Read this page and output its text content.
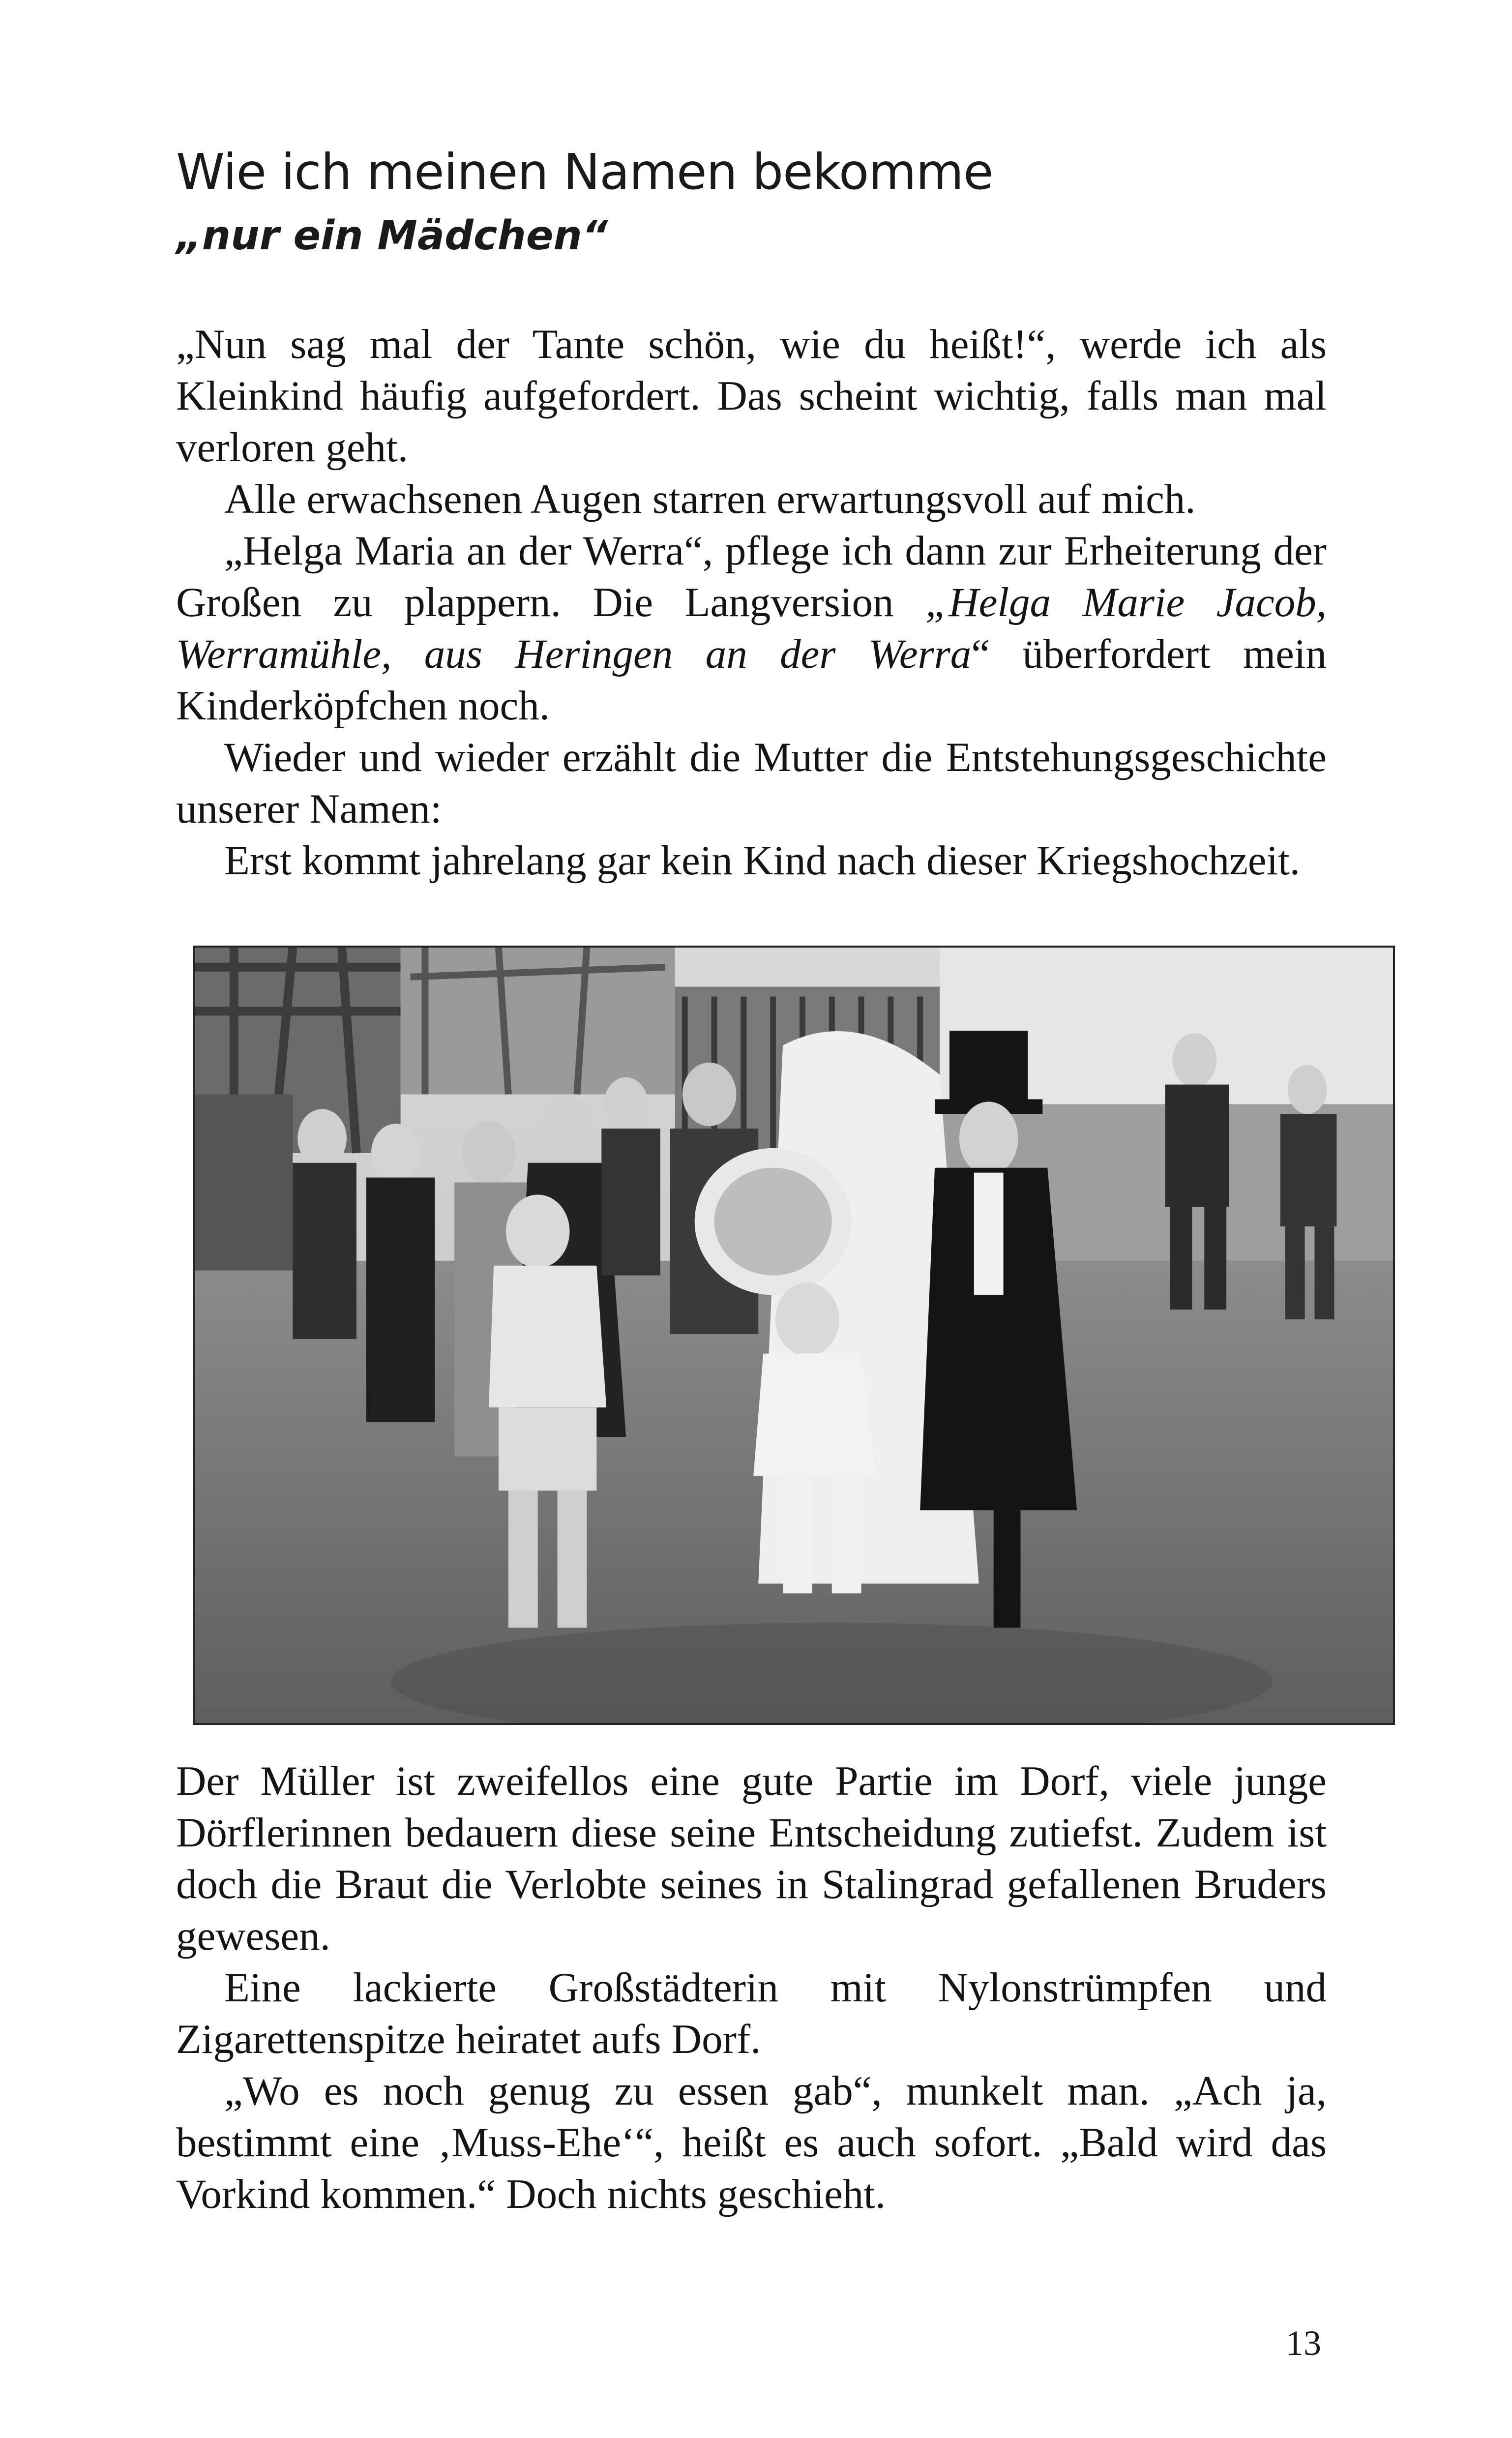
Wie ich meinen Namen bekomme
„nur ein Mädchen“

„Nun sag mal der Tante schön, wie du heißt!“, werde ich als Kleinkind häufig aufgefordert. Das scheint wichtig, falls man mal verloren geht.

Alle erwachsenen Augen starren erwartungsvoll auf mich.

„Helga Maria an der Werra“, pflege ich dann zur Erheiterung der Großen zu plappern. Die Langversion „Helga Marie Jacob, Werramühle, aus Heringen an der Werra“ überfordert mein Kinderköpfchen noch.

Wieder und wieder erzählt die Mutter die Entstehungsgeschichte unserer Namen:

Erst kommt jahrelang gar kein Kind nach dieser Kriegshochzeit.

Der Müller ist zweifellos eine gute Partie im Dorf, viele junge Dörflerinnen bedauern diese seine Entscheidung zutiefst. Zudem ist doch die Braut die Verlobte seines in Stalingrad gefallenen Bruders gewesen.

Eine lackierte Großstädterin mit Nylonstrümpfen und Zigarettenspitze heiratet aufs Dorf.

„Wo es noch genug zu essen gab“, munkelt man. „Ach ja, bestimmt eine ‚Muss-Ehe‘“, heißt es auch sofort. „Bald wird das Vorkind kommen.“ Doch nichts geschieht.

13
